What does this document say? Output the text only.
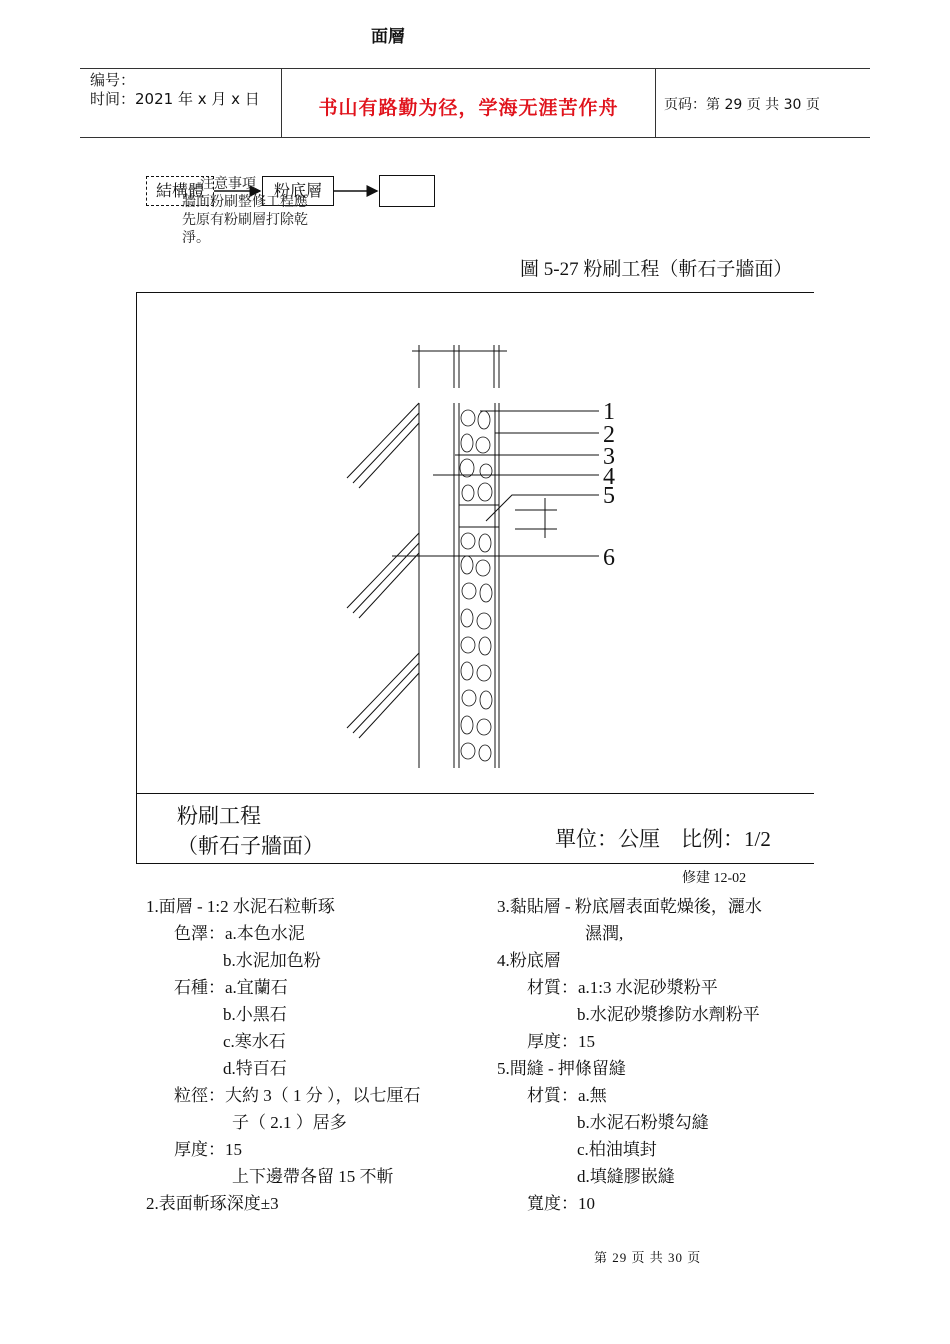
面層
编号：
时间：2021 年 x 月 x 日	书山有路勤为径，学海无涯苦作舟	页码：第 29 页 共 30 页
結構體	粉底層
注意事項
牆面粉刷整修工程應
先原有粉刷層打除乾
淨。
圖 5-27 粉刷工程（斬石子牆面）
1
2
3
4
5
6
粉刷工程
（斬石子牆面）	單位：公厘    比例：1/2
修建 12-02
1.面層 - 1:2 水泥石粒斬琢
色澤：a.本色水泥
b.水泥加色粉
石種：a.宜蘭石
b.小黑石
c.寒水石
d.特百石
粒徑：大約 3（ 1 分 ），以七厘石
子（ 2.1 ）居多
厚度：15
上下邊帶各留 15 不斬
2.表面斬琢深度±3
3.黏貼層 - 粉底層表面乾燥後，灑水
濕潤,
4.粉底層
材質：a.1:3 水泥砂漿粉平
b.水泥砂漿摻防水劑粉平
厚度：15
5.間縫 - 押條留縫
材質：a.無
b.水泥石粉漿勾縫
c.柏油填封
d.填縫膠嵌縫
寬度：10
第 29 页 共 30 页
